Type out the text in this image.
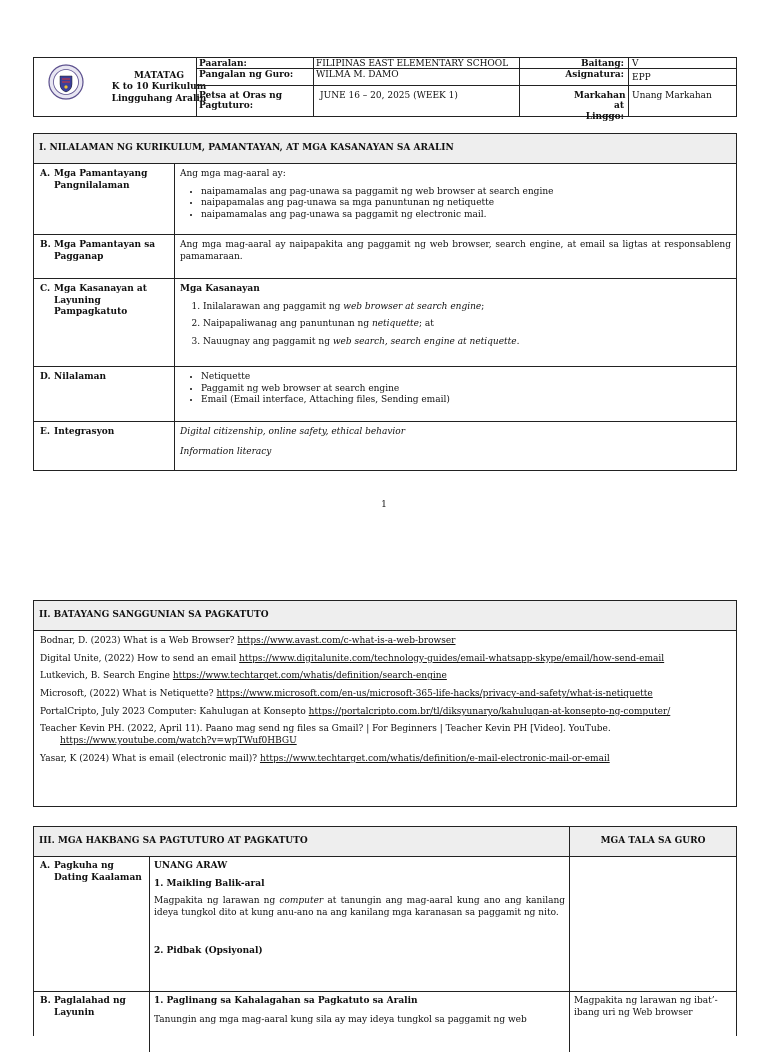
MATATAG
K to 10 Kurikulum
Lingguhang Aralin
Paaralan:	FILIPINAS EAST ELEMENTARY SCHOOL
Pangalan ng Guro:	WILMA M. DAMO
Petsa at Oras ng Pagtuturo:
JUNE 16 – 20, 2025 (WEEK 1)
Baitang: V
Asignatura: EPP
Markahan at Linggo:
Unang Markahan
I. NILALAMAN NG KURIKULUM, PAMANTAYAN, AT MGA KASANAYAN SA ARALIN
A. Mga Pamantayang Pangnilalaman
Ang mga mag-aaral ay:
• naipamamalas ang pag-unawa sa paggamit ng web browser at search engine
• naipapamalas ang pag-unawa sa mga panuntunan ng netiquette
• naipamamalas ang pag-unawa sa paggamit ng electronic mail.
B. Mga Pamantayan sa Pagganap
Ang mga mag-aaral ay naipapakita ang paggamit ng web browser, search engine, at email sa ligtas at responsableng pamamaraan.
C. Mga Kasanayan at Layuning Pampagkatuto
Mga Kasanayan
1. Inilalarawan ang paggamit ng web browser at search engine;
2. Naipapaliwanag ang panuntunan ng netiquette; at
3. Nauugnay ang paggamit ng web search, search engine at netiquette.
D. Nilalaman
•	Netiquette
• Paggamit ng web browser at search engine
• Email (Email interface, Attaching files, Sending email)
E. Integrasyon	Digital citizenship, online safety, ethical behavior
Information literacy
1
II. BATAYANG SANGGUNIAN SA PAGKATUTO

Bodnar, D. (2023) What is a Web Browser? https://www.avast.com/c-what-is-a-web-browser

Digital Unite, (2022) How to send an email https://www.digitalunite.com/technology-guides/email-whatsapp-skype/email/how-send-email

Lutkevich, B. Search Engine https://www.techtarget.com/whatis/definition/search-engine

Microsoft, (2022) What is Netiquette? https://www.microsoft.com/en-us/microsoft-365-life-hacks/privacy-and-safety/what-is-netiquette

PortalCripto, July 2023 Computer: Kahulugan at Konsepto https://portalcripto.com.br/tl/diksyunaryo/kahulugan-at-konsepto-ng-computer/

Teacher Kevin PH. (2022, April 11). Paano mag send ng files sa Gmail? | For Beginners | Teacher Kevin PH [Video]. YouTube. https://www.youtube.com/watch?v=wpTWuf0HBGU

Yasar, K (2024) What is email (electronic mail)? https://www.techtarget.com/whatis/definition/e-mail-electronic-mail-or-email

III. MGA HAKBANG SA PAGTUTURO AT PAGKATUTO	MGA TALA SA GURO
A. Pagkuha ng Dating Kaalaman
UNANG ARAW
1. Maikling Balik-aral
Magpakita ng larawan ng computer at tanungin ang mag-aaral kung ano ang kanilang ideya tungkol dito at kung anu-ano na ang kanilang mga karanasan sa paggamit ng nito.
2. Pidbak (Opsiyonal)
B. Paglalahad ng Layunin
1. Paglinang sa Kahalagahan sa Pagkatuto sa Aralin
Tanungin ang mga mag-aaral kung sila ay may ideya tungkol sa paggamit ng web
Magpakita ng larawan ng ibat’-ibang uri ng Web browser
